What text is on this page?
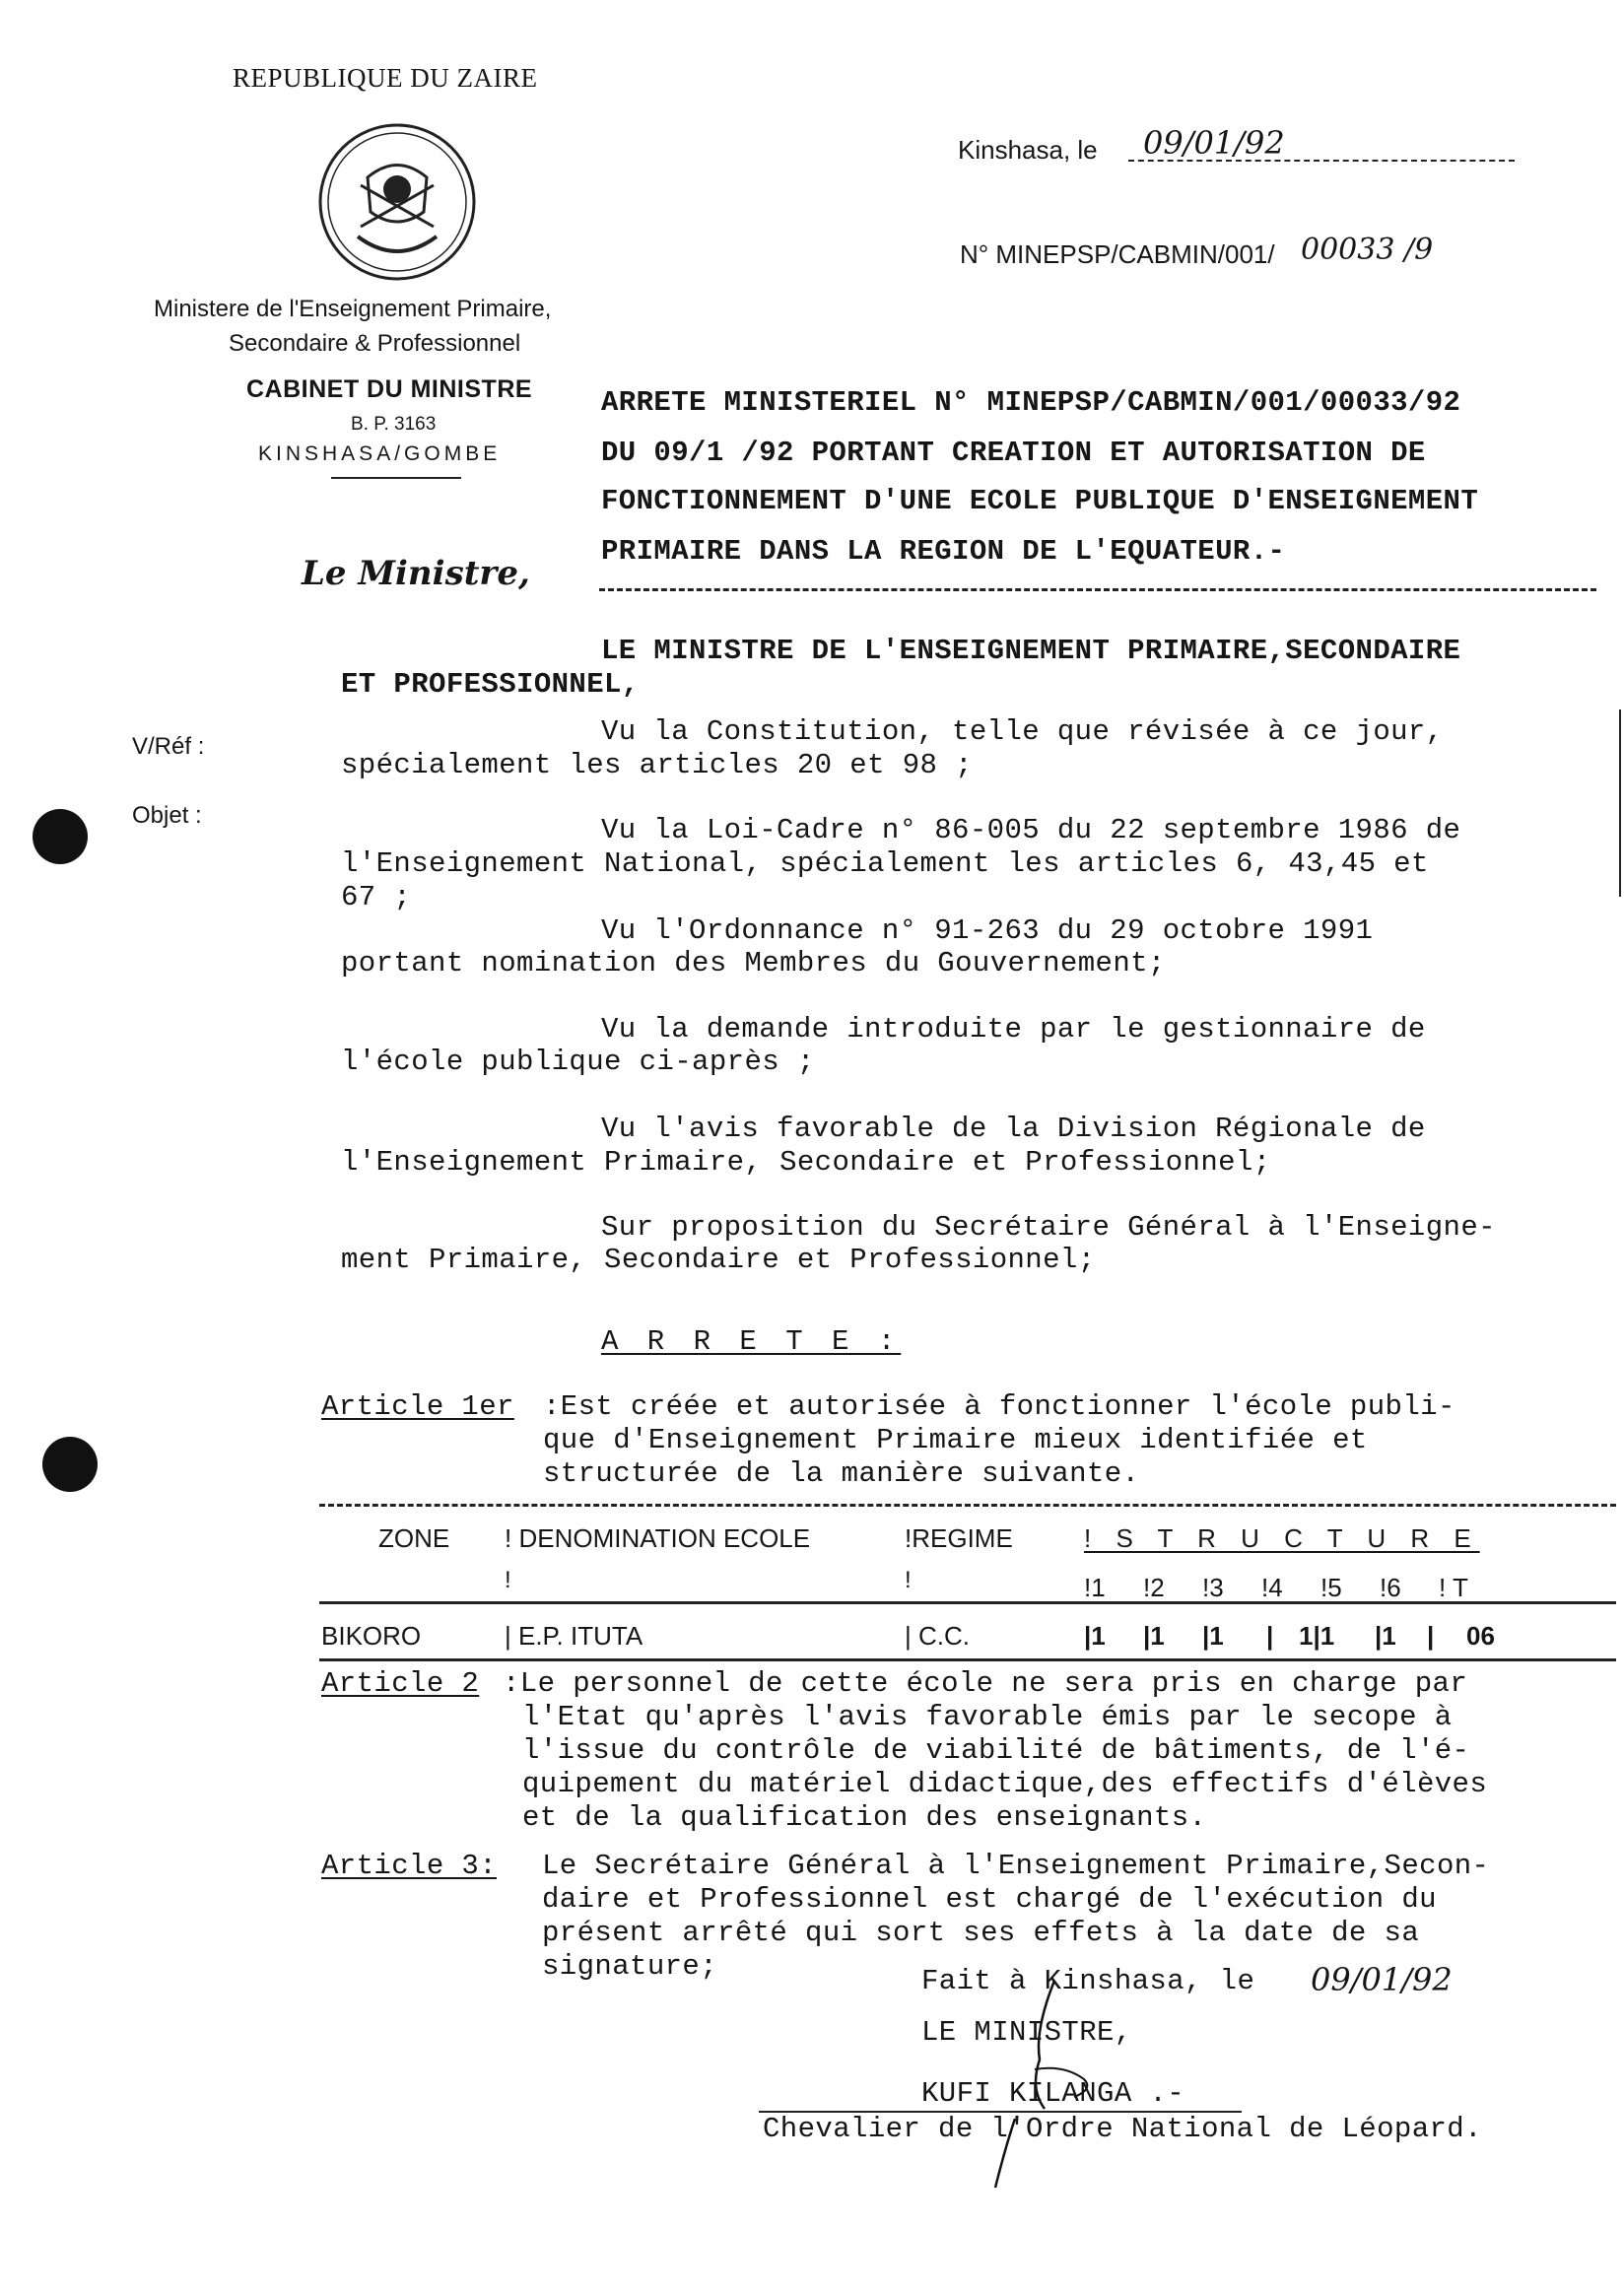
REPUBLIQUE DU ZAIRE
Ministere de l'Enseignement Primaire,
Secondaire & Professionnel
CABINET DU MINISTRE
B. P. 3163
KINSHASA/GOMBE
Le Ministre,
Kinshasa, le 09/01/92
N° MINEPSP/CABMIN/001/ 00033 /9
V/Réf :
Objet :
ARRETE MINISTERIEL N° MINEPSP/CABMIN/001/00033/92
DU 09/1 /92 PORTANT CREATION ET AUTORISATION DE
FONCTIONNEMENT D'UNE ECOLE PUBLIQUE D'ENSEIGNEMENT
PRIMAIRE DANS LA REGION DE L'EQUATEUR.-
LE MINISTRE DE L'ENSEIGNEMENT PRIMAIRE,SECONDAIRE
ET PROFESSIONNEL,
Vu la Constitution, telle que révisée à ce jour,
spécialement les articles 20 et 98 ;
Vu la Loi-Cadre n° 86-005 du 22 septembre 1986 de
l'Enseignement National, spécialement les articles 6, 43,45 et
67 ;
Vu l'Ordonnance n° 91-263 du 29 octobre 1991
portant nomination des Membres du Gouvernement;
Vu la demande introduite par le gestionnaire de
l'école publique ci-après ;
Vu l'avis favorable de la Division Régionale de
l'Enseignement Primaire, Secondaire et Professionnel;
Sur proposition du Secrétaire Général à l'Enseigne-
ment Primaire, Secondaire et Professionnel;
A R R E T E :
Article 1er :Est créée et autorisée à fonctionner l'école publi-
que d'Enseignement Primaire mieux identifiée et
structurée de la manière suivante.
ZONE ! DENOMINATION ECOLE	!REGIME	! S T R U C T U R E
!	!	!1 !2 !3 !4 !5 !6 ! T
BIKORO	| E.P. ITUTA	| C.C.	|1 |1 |1 | 1|1 |1 | 06
Article 2 :Le personnel de cette école ne sera pris en charge par
l'Etat qu'après l'avis favorable émis par le secope à
l'issue du contrôle de viabilité de bâtiments, de l'é-
quipement du matériel didactique,des effectifs d'élèves
et de la qualification des enseignants.
Article 3: Le Secrétaire Général à l'Enseignement Primaire,Secon-
daire et Professionnel est chargé de l'exécution du
présent arrêté qui sort ses effets à la date de sa
signature;	Fait à Kinshasa, le 09/01/92
LE MINISTRE,
KUFI KILANGA .-
Chevalier de l'Ordre National de Léopard.
